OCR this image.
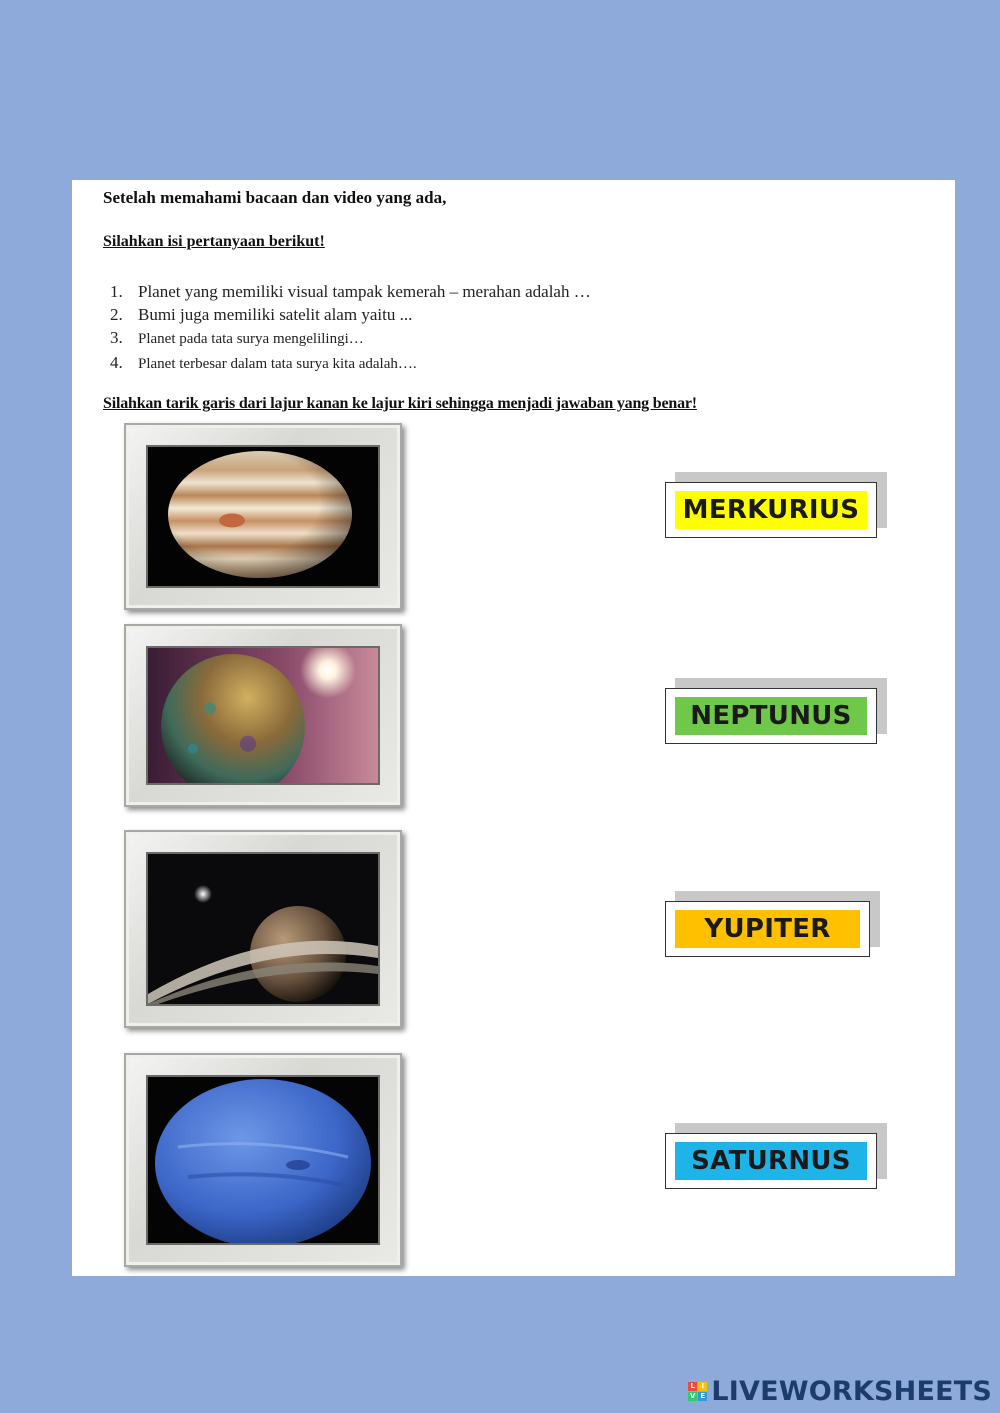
Setelah memahami bacaan dan video yang ada,
Silahkan isi pertanyaan berikut!
1. Planet yang memiliki visual tampak kemerah – merahan adalah …
2. Bumi juga memiliki satelit alam yaitu ...
3. Planet pada tata surya mengelilingi…
4. Planet terbesar dalam tata surya kita adalah….
Silahkan tarik garis dari lajur kanan ke lajur kiri sehingga menjadi jawaban yang benar!
MERKURIUS
NEPTUNUS
YUPITER
SATURNUS
L I
V E LIVEWORKSHEETS
